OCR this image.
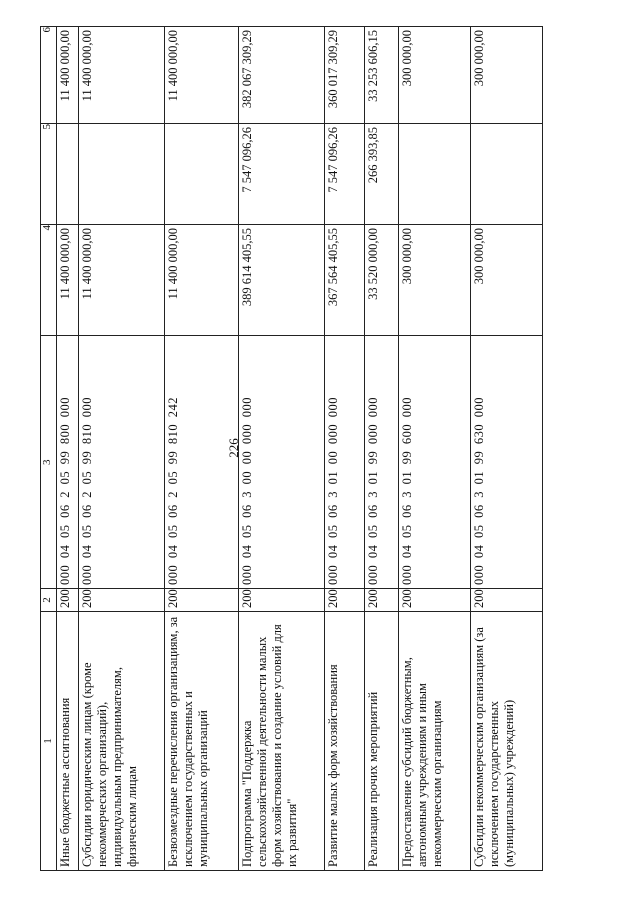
226
1	2	3	4	5	6
Иные бюджетные ассигнования	200	000 04 05 06 2 05 99 800 000	11 400 000,00		11 400 000,00
Субсидии юридическим лицам (кроме некоммерческих организаций), индивидуальным предпринимателям, физическим лицам	200	000 04 05 06 2 05 99 810 000	11 400 000,00		11 400 000,00
Безвозмездные перечисления организациям, за исключением государственных и муниципальных организаций	200	000 04 05 06 2 05 99 810 242	11 400 000,00		11 400 000,00
Подпрограмма "Поддержка сельскохозяйственной деятельности малых форм хозяйствования и создание условий для их развития"	200	000 04 05 06 3 00 00 000 000	389 614 405,55	7 547 096,26	382 067 309,29
Развитие малых форм хозяйствования	200	000 04 05 06 3 01 00 000 000	367 564 405,55	7 547 096,26	360 017 309,29
Реализация прочих мероприятий	200	000 04 05 06 3 01 99 000 000	33 520 000,00	266 393,85	33 253 606,15
Предоставление субсидий бюджетным, автономным учреждениям и иным некоммерческим организациям	200	000 04 05 06 3 01 99 600 000	300 000,00		300 000,00
Субсидии некоммерческим организациям (за исключением государственных (муниципальных) учреждений)	200	000 04 05 06 3 01 99 630 000	300 000,00		300 000,00
